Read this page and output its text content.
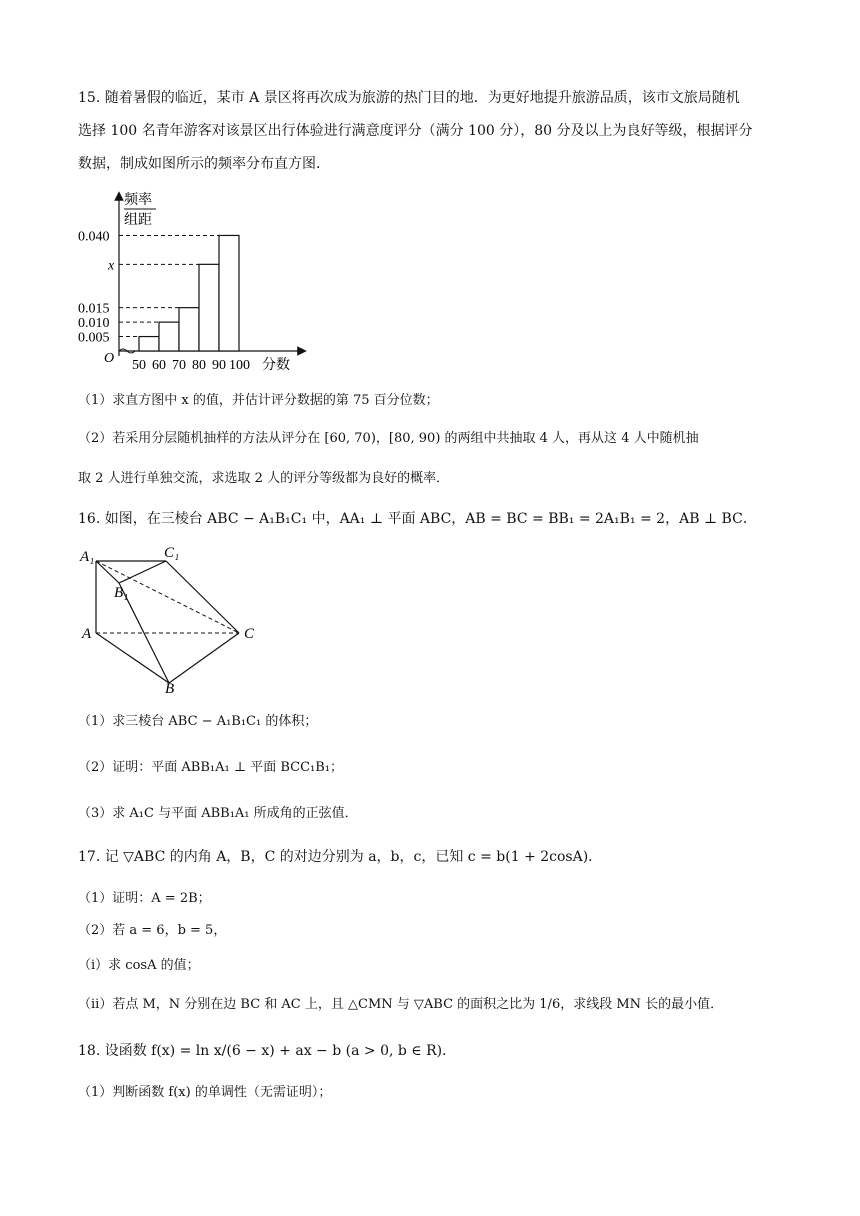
15. 随着暑假的临近，某市 A 景区将再次成为旅游的热门目的地．为更好地提升旅游品质，该市文旅局随机
选择 100 名青年游客对该景区出行体验进行满意度评分（满分 100 分），80 分及以上为良好等级，根据评分
数据，制成如图所示的频率分布直方图．
频率
组距
O	分数
0.040
x
0.015
0.010
0.005
50 60 70 80 90 100
（1）求直方图中 x 的值，并估计评分数据的第 75 百分位数；
（2）若采用分层随机抽样的方法从评分在 [60, 70)，[80, 90) 的两组中共抽取 4 人，再从这 4 人中随机抽
取 2 人进行单独交流，求选取 2 人的评分等级都为良好的概率．
16. 如图，在三棱台 ABC − A₁B₁C₁ 中，AA₁ ⊥ 平面 ABC，AB = BC = BB₁ = 2A₁B₁ = 2，AB ⊥ BC．
A₁	C₁
B₁
A
B
C
（1）求三棱台 ABC − A₁B₁C₁ 的体积；
（2）证明：平面 ABB₁A₁ ⊥ 平面 BCC₁B₁；
（3）求 A₁C 与平面 ABB₁A₁ 所成角的正弦值．
17. 记 ▽ABC 的内角 A，B，C 的对边分别为 a，b，c，已知 c = b(1 + 2cosA)．
（1）证明：A = 2B；
（2）若 a = 6，b = 5，
（i）求 cosA 的值；
（ii）若点 M，N 分别在边 BC 和 AC 上，且 △CMN 与 ▽ABC 的面积之比为 1/6，求线段 MN 长的最小值．
18. 设函数 f(x) = ln x/(6 − x) + ax − b (a > 0, b ∈ R)．
（1）判断函数 f(x) 的单调性（无需证明）；
